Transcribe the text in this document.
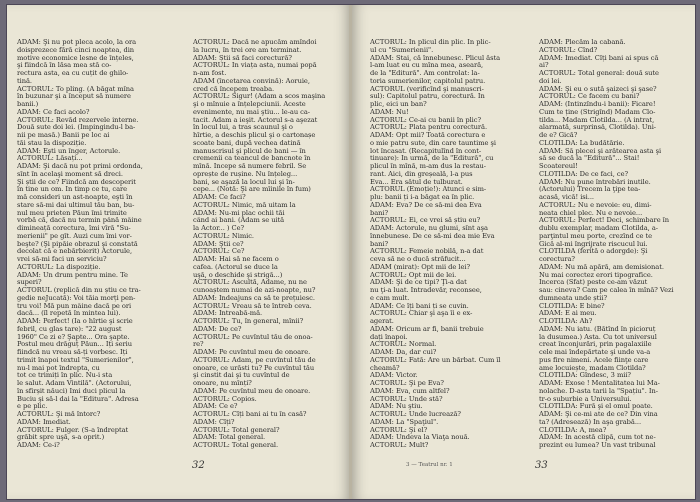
ADAM: Şi nu pot pleca acolo, la ora
doisprezece fără cinci noaptea, din
motive economice lesne de înțeles,
şi fiindcă în lăsa mea stă co-
rectura asta, ea cu cuțit de ghilo-
tină.
ACTORUL: To pling. (A băgat mîna
în buzunar şi a început să numere
banii.)
ADAM: Ce faci acolo?
ACTORUL: Revăd rezervele interne.
Două sute doi lei. (Împingindu-l ba-
nii pe masă.) Banii pe loc ai
tăi stau la dispoziție.
ADAM: Eşti un înger, Actorule.
ACTORUL: Lăsați...
ADAM: Şi dacă nu pot primi ordonda,
sînt în acelaşi moment să dreci.
Şi știi de ce? Fiindcă am descoperit
în tine un om. În timp ce tu, care
mă consideri un ast-noapte, eşti în
stare să-mi dai ultimul tău ban, bu-
nul meu prieten Păun îmi trimite
vorbă că, dacă nu termin până mâine
dimineață corectura, îmi vîră "Su-
merienii" pe gît. Auzi cum îmi vor-
beşte? (Şi pipăie obrazul şi constată
decolat că e nebărbierit) Actorule,
vrei să-mi faci un serviciu?
ACTORUL: La dispoziție.
ADAM: Un drum pentru mine. Te
superi?
ACTORUL (replică din nu știu ce tra-
gedie neJucată): Voi tăia morți pen-
tru voi! Mă pun mâine dacă pe ori
dacă... (îl repetă în mintea lui).
ADAM: Perfect! (Ia o hîrtie şi scrie
febril, cu glas tare): "22 august
1960" Ce zi e? Şapte... Ora şapte.
Postul meu drăguț Păun... Îți seriu
fiindcă nu vreau să-ți vorbesc. Îți
trimit înapoi textul "Sumerienilor",
nu-l mai pot îndrepta, cu
tot ce trimiți în plic. Nu-i sta
le salut. Adam Vintilă". (Actorului,
în sfirșit năuci) Îmi duci plicul la
Buciu şi să-l dai la "Editura". Adresa
e pe plic.
ACTORUL: Şi mă întorc?
ADAM: Imediat.
ACTORUL: Fulger. (S-a îndreptat
grăbit spre uşă, s-a oprit.)
ADAM: Ce-i?
ACTORUL: Dacă ne apucăm amîndoi
la lucru, în trei ore am terminat.
ADAM: Știi să faci corectură?
ACTORUL: În viața asta, numai popă
n-am fost.
ADAM (încetarea convină): Aoruie,
cred că începem treaba.
ACTORUL: Sigur! (Adam a scos maşina
şi o mînuie a înțelepciunii. Aceste
evenimente, nu mai ştiu... le-au ca-
tacit. Adam a ieşit. Actorul s-a aşezat
în locul lui, a tras scaunul şi o
hîrtie, a deschis plicul şi o cartonașe
scoate bani, după vechea datină
manuscrisul şi plicul de bani — în
cremenii ca teancul de bancnote în
mînă. Începe să numere febril. Se
oprește de rușine. Nu înțeleg...
bani, se aşază la locul lui şi în-
cepe... (Notă: Şi are mîinile în fum)
ADAM: Ce faci?
ACTORUL: Nimic, mă uitam la
ADAM: Nu-mi plac ochii tăi
când ai bani. (Adam se uită
la Actor... ) Ce?
ACTORUL: Nimic.
ADAM: Ştii ce?
ACTORUL: Ce?
ADAM: Hai să ne facem o
cafea. (Actorul se duce la
uşă, o deschide şi strigă...)
ACTORUL: Ascultă, Adame, nu ne
cunoaștem numai de azi-noapte, nu?
ADAM: Îndeajuns ca să te prețuiesc.
ACTORUL: Vreau să te întreb ceva.
ADAM: Întreabă-mă.
ACTORUL: Tu, în general, mînii?
ADAM: De ce?
ACTORUL: Pe cuvîntul tău de onoa-
re?
ADAM: Pe cuvîntul meu de onoare.
ACTORUL: Adam, pe cuvîntul tău de
onoare, ce urăsti tu? Pe cuvîntul tău
şi cinstit dai şi tu cuvîntul de
onoare, nu mînți?
ADAM: Pe cuvîntul meu de onoare.
ACTORUL: Copios.
ADAM: Ce e?
ACTORUL: Cîți bani ai tu în casă?
ADAM: Cîți?
ACTORUL: Total general?
ADAM: Total general.
ACTORUL: Total general.
32
ACTORUL: În plicul din plic. În plic-
ul cu "Sumerienii".
ADAM: Stai, că înnebunesc. Plicul ăsta
l-am luat eu cu mîna mea, aseară,
de la "Editură". Am controlat: la-
toria sumerienilor, capitolul patru.
ACTORUL (verificînd şi manuscri-
sul): Capitolul patru, corectură. În
plic, eici un ban?
ADAM: Nu!
ACTORUL: Ce-ai cu banii în plic?
ACTORUL: Plata pentru corectură.
ADAM: Opt mii? Toată corectura e
o mie patru sute, din care tauntime şi
lot încasat. (Recapitulînd în cont-
tinuare): În urmă, de la "Editură", cu
plicul în mînă, m-am dus la restau-
rant. Aici, din greșeală, l-a pus
Eva... Era sătul de tulburat.
ACTORUL (Emoție!): Atunci e sim-
plu: banii ți i-a băgat ea în plic.
ADAM: Eva? De ce să-mi dea Eva
bani?
ACTORUL: Ei, ce vrei să știu eu?
ADAM: Actorule, nu glumi, sînt aşa
înnebunese. De ce să-mi dea mie Eva
bani?
ACTORUL: Femeie nobilă, n-a dat
ceva să ne o ducă străfucit...
ADAM (mirat): Opt mii de lei?
ACTORUL: Opt mii de lei.
ADAM: Şi de ce tipi? Ţi-a dat
nu ţi-a luat. Întradevăr, reconsee,
e cam mult.
ADAM: Ce îți bani ți se cuvin.
ACTORUL: Chiar şi aşa îi e ex-
agerat.
ADAM: Oricum ar fi, banii trebuie
dați înapoi.
ACTORUL: Normal.
ADAM: Da, dar cui?
ACTORUL: Fată: Are un bărbat. Cum îl
cheamă?
ADAM: Victor.
ACTORUL: Şi pe Eva?
ADAM: Eva, cum altfel?
ACTORUL: Unde stă?
ADAM: Nu ştiu.
ACTORUL: Unde lucrează?
ADAM: La "Spaţiul".
ACTORUL: Şi el?
ADAM: Undeva la Viaţa nouă.
ACTORUL: Mult?
ADAM: Plecăm la cabană.
ACTORUL: Cînd?
ADAM: Imediat. Cîți bani ai spus că
ai?
ACTORUL: Total general: două sute
doi lei.
ADAM: Şi eu o sută şaizeci şi şase?
ACTORUL: Ce facem cu bani?
ADAM: (Întinzîndu-i banii): Ficare!
Cum te ține (Strigînd) Madam Clo-
tilda... Madam Clotilda... (A intrat,
alarmată, surprinsă, Clotilda). Uni-
de e? Gică?
CLOTILDA: La budătărie.
ADAM: Să plecei şi arătearea asta şi
să se ducă la "Editură"... Stai!
Scoatereul!
CLOTILDA: De ce faci, ce?
ADAM: Nu pune întrebări inutile.
(Actorului) Trecem la ţipe tea-
acasă, vică! isi...
ACTORUL: Nu e nevoie: eu, dimi-
neata chiel plec. Nu e nevoie...
ACTORUL: Perfect! Deci, schimbare în
dublu exemplar, madam Clotilda, a-
parţintul meu porte, crezînd ce te
Gică al-mi îngrijrate riscucul lui.
CLOTILDA (ferită o adorgde): Şi
corectura?
ADAM: Nu mă apără, am demisionat.
Nu mai corectez erori tipografice.
Încerca (Sfat) peste ce-am văzut
sau: cineva? Cam pe calea în mînă? Vezi
dumneata unde știi?
CLOTILDA: E bine?
ADAM: E ai meu.
CLOTILDA: Ah?
ADAM: Nu iatu. (Bătînd în picioruț
la dusumea.) Asta. Cu tot universul
creat înconjurări, prin pagalaxiile
cele mai îndepărtate şi unde va-a
pus fire nimeni. Acele fiinţe care
ame locuiește, madam Clotilda?
CLOTILDA: Gîndesc, 3 mii?
ADAM: Exose ! Mentalitatea lui Ma-
nolache. D-asta tarii la "Spațiu". În-
tr-o suburbie a Universului.
CLOTILDA: Fură şi el omul poate.
ADAM: Şi ce-mi ate de ce? Din vina
ta? (Adresează) În aşa grabă...
CLOTILDA: A, mea?
ADAM: În acestă clipă, cum tot ne-
prezint eu lumea? Un vast tribunal
3 — Teatrul nr. 1	33
